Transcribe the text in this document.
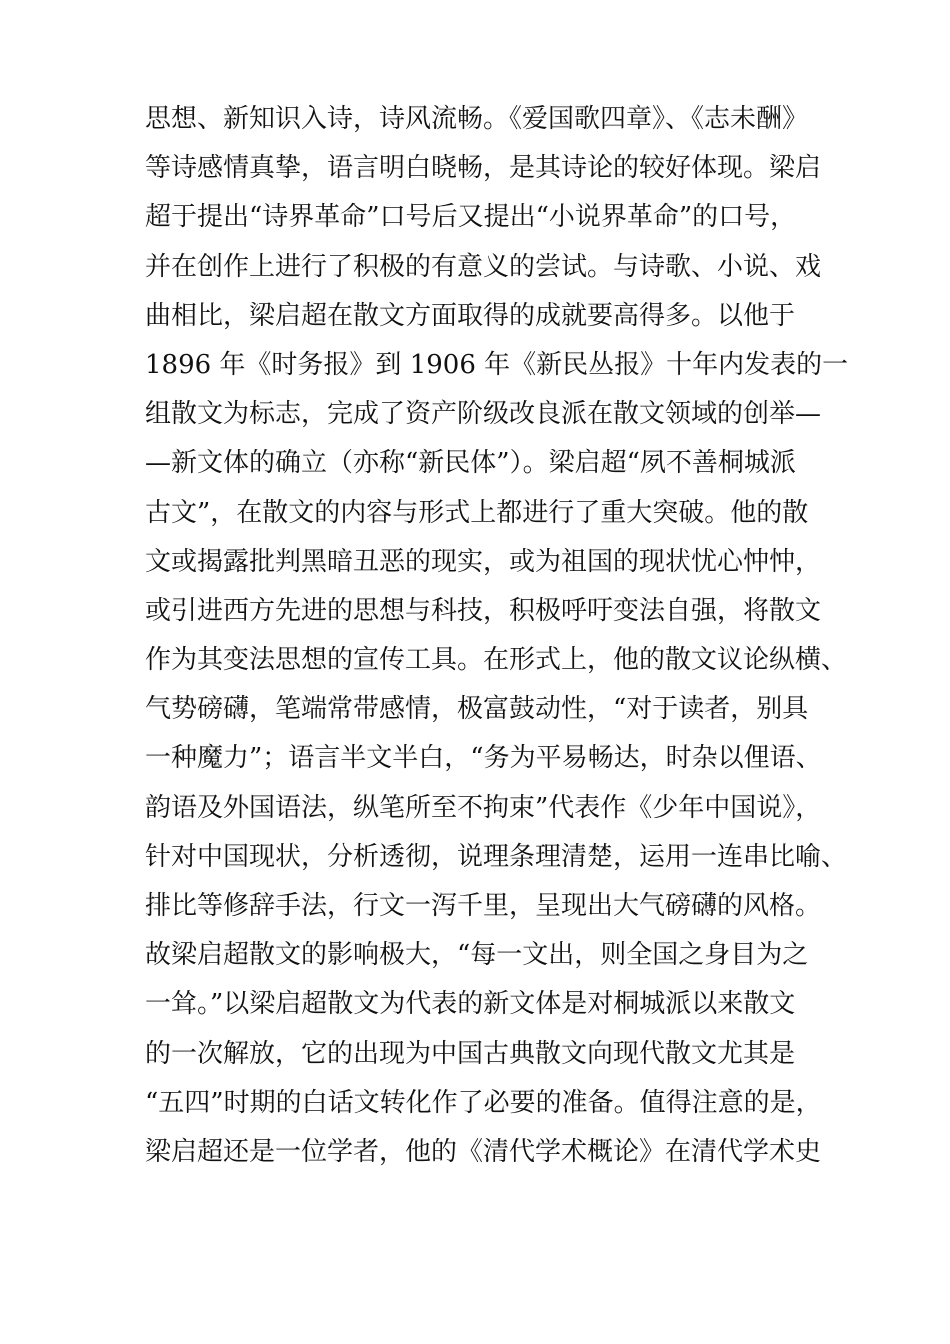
思想、新知识入诗，诗风流畅。《爱国歌四章》、《志未酬》
等诗感情真挚，语言明白晓畅，是其诗论的较好体现。梁启
超于提出“诗界革命”口号后又提出“小说界革命”的口号，
并在创作上进行了积极的有意义的尝试。与诗歌、小说、戏
曲相比，梁启超在散文方面取得的成就要高得多。以他于
1896 年《时务报》到 1906 年《新民丛报》十年内发表的一
组散文为标志，完成了资产阶级改良派在散文领域的创举—
—新文体的确立（亦称“新民体”）。梁启超“夙不善桐城派
古文”，在散文的内容与形式上都进行了重大突破。他的散
文或揭露批判黑暗丑恶的现实，或为祖国的现状忧心忡忡，
或引进西方先进的思想与科技，积极呼吁变法自强，将散文
作为其变法思想的宣传工具。在形式上，他的散文议论纵横、
气势磅礴，笔端常带感情，极富鼓动性，“对于读者，别具
一种魔力”；语言半文半白，“务为平易畅达，时杂以俚语、
韵语及外国语法，纵笔所至不拘束”代表作《少年中国说》，
针对中国现状，分析透彻，说理条理清楚，运用一连串比喻、
排比等修辞手法，行文一泻千里，呈现出大气磅礴的风格。
故梁启超散文的影响极大，“每一文出，则全国之身目为之
一耸。”以梁启超散文为代表的新文体是对桐城派以来散文
的一次解放，它的出现为中国古典散文向现代散文尤其是
“五四”时期的白话文转化作了必要的准备。值得注意的是，
梁启超还是一位学者，他的《清代学术概论》在清代学术史
